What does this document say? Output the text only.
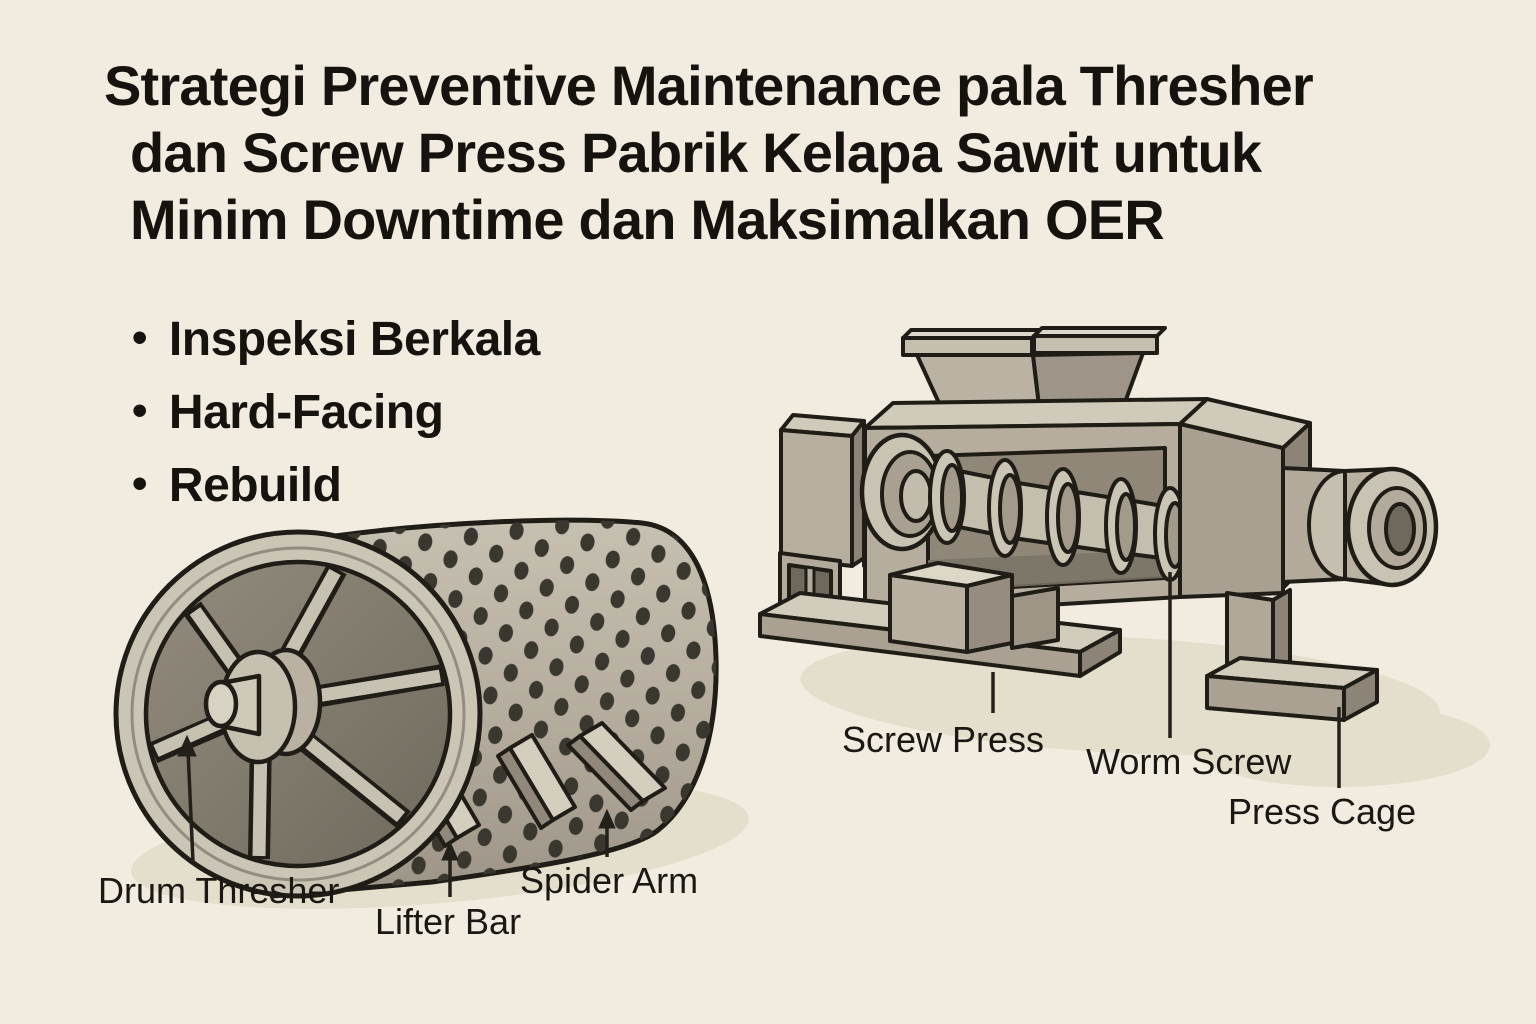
Strategi Preventive Maintenance pala Thresher
dan Screw Press Pabrik Kelapa Sawit untuk
Minim Downtime dan Maksimalkan OER
• Inspeksi Berkala
• Hard-Facing
• Rebuild
Drum Thresher
Lifter Bar
Spider Arm
Screw Press
Worm Screw
Press Cage
